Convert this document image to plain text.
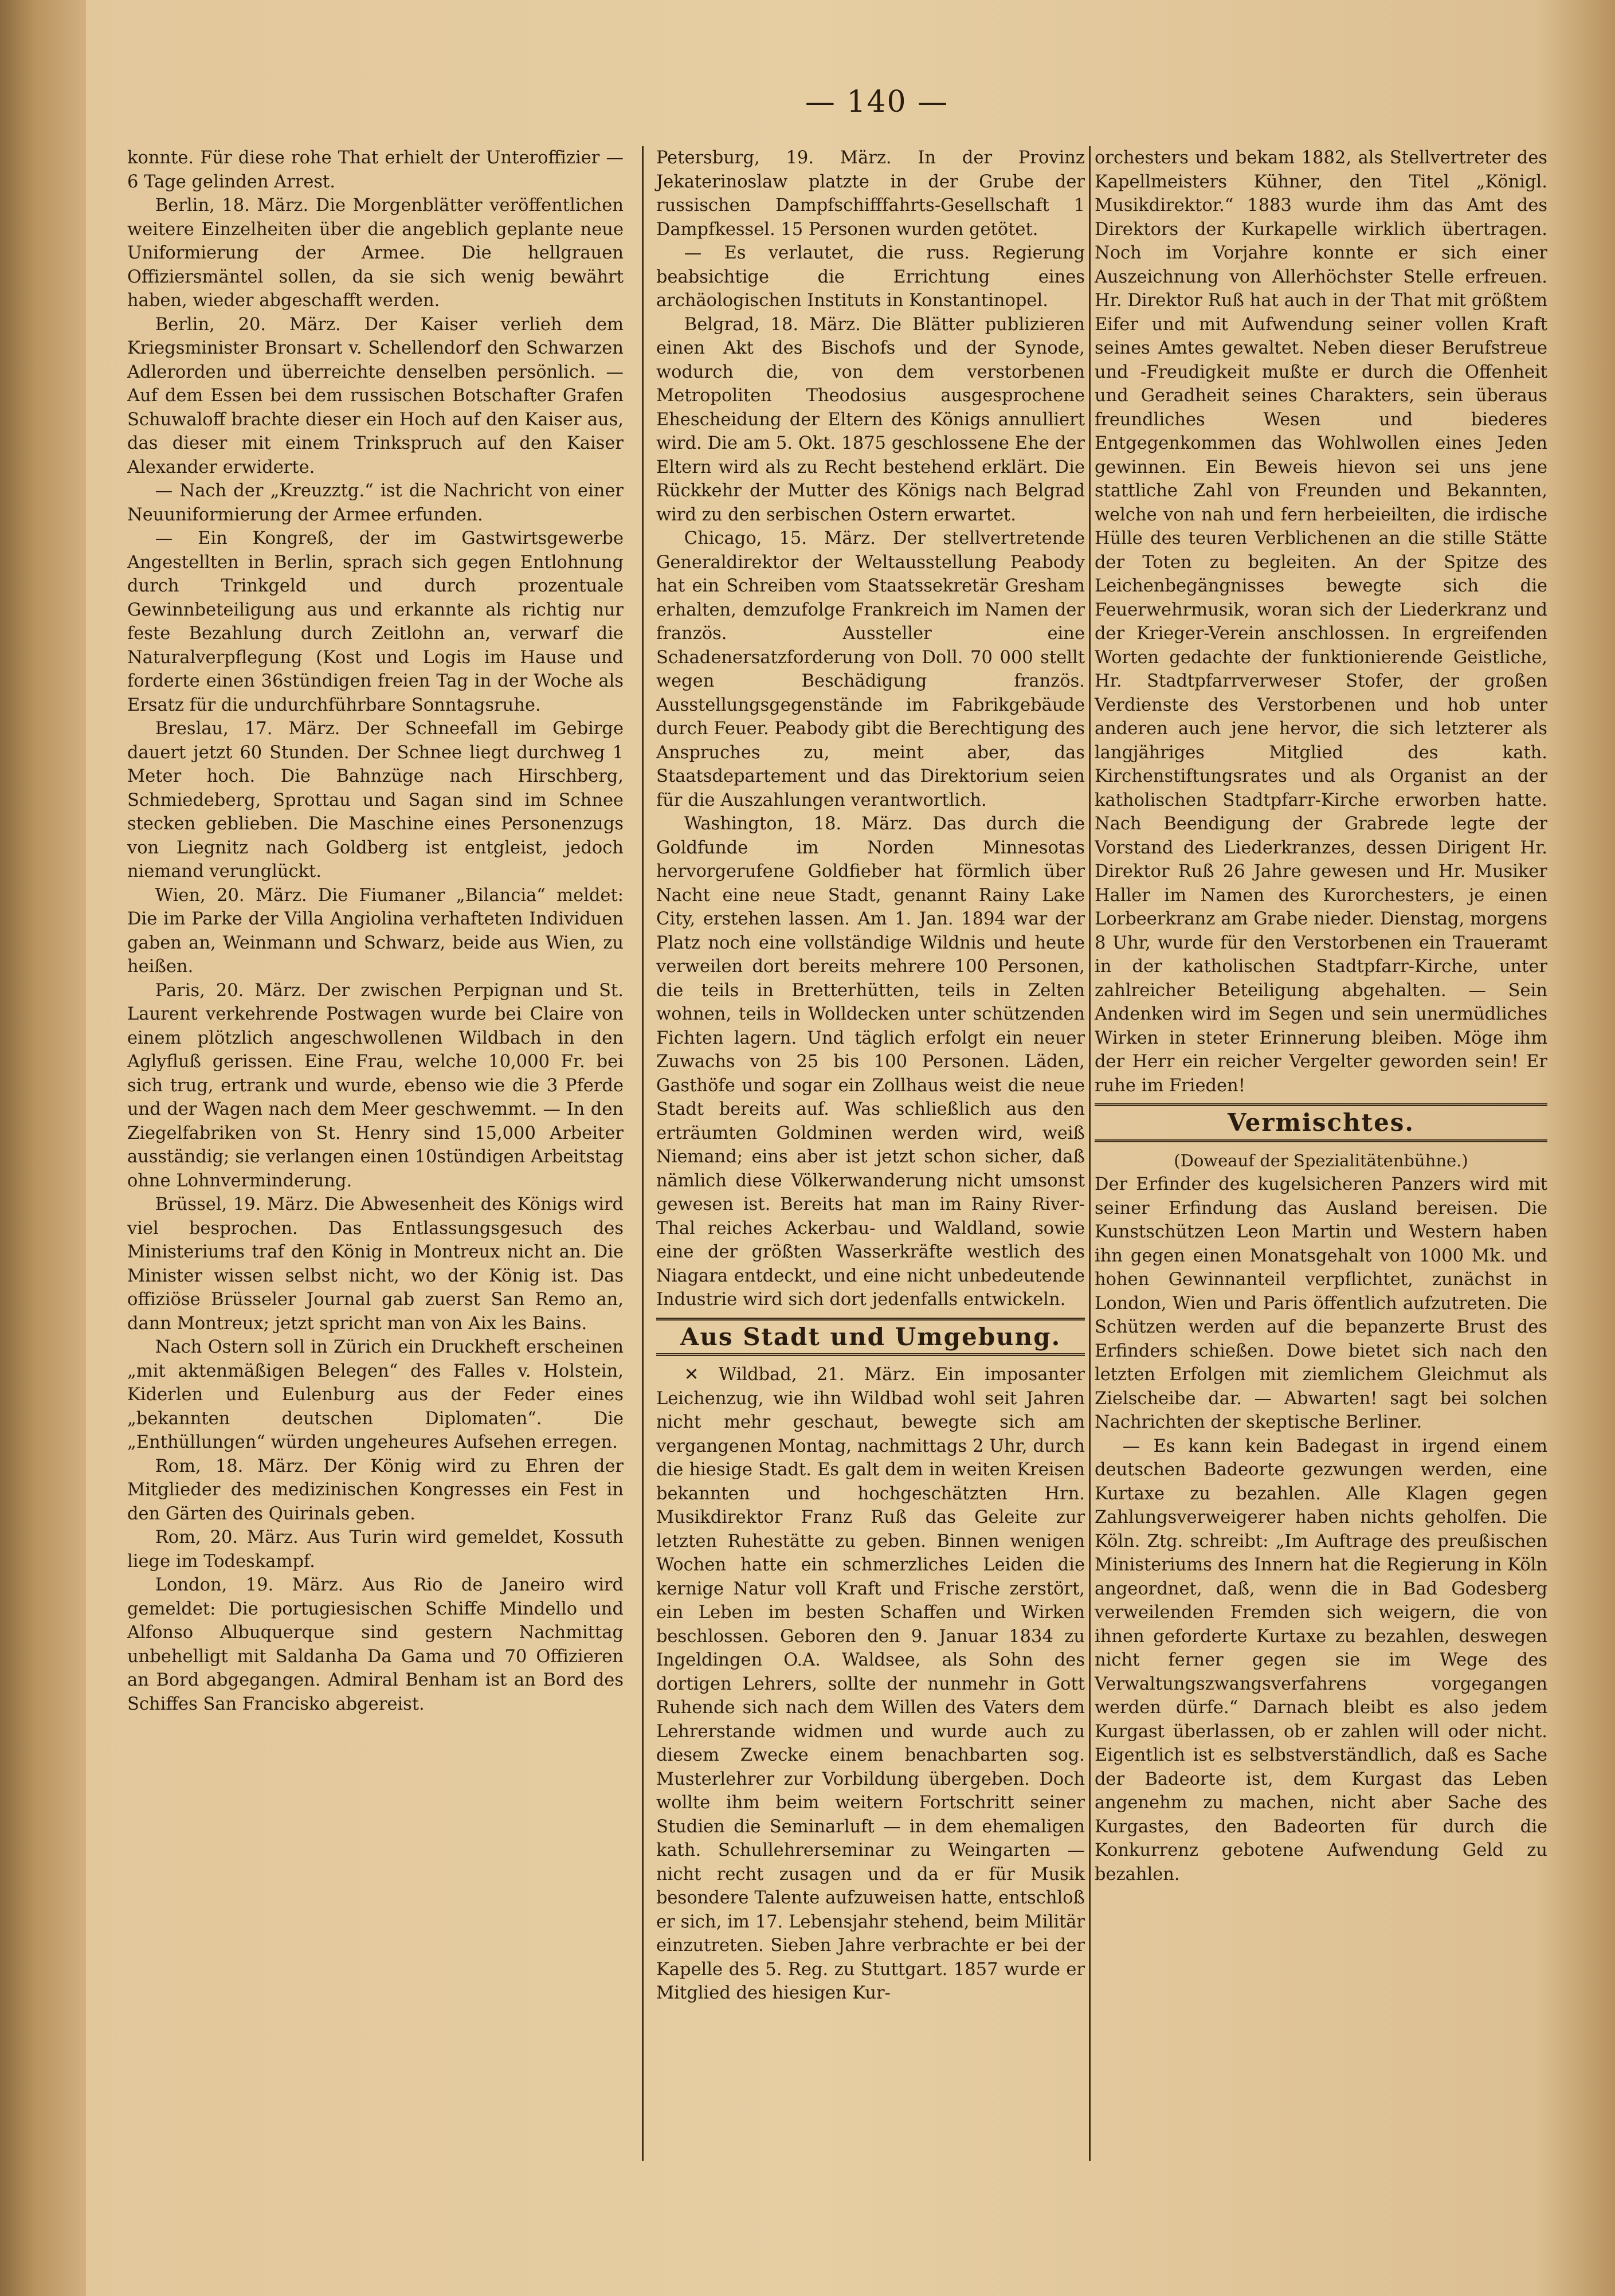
— 140 —

konnte. Für diese rohe That erhielt der Unteroffizier — 6 Tage gelinden Arrest.

Berlin, 18. März. Die Morgenblätter veröffentlichen weitere Einzelheiten über die angeblich geplante neue Uniformierung der Armee. Die hellgrauen Offiziersmäntel sollen, da sie sich wenig bewährt haben, wieder abgeschafft werden.

Berlin, 20. März. Der Kaiser verlieh dem Kriegsminister Bronsart v. Schellendorf den Schwarzen Adlerorden und überreichte denselben persönlich. — Auf dem Essen bei dem russischen Botschafter Grafen Schuwaloff brachte dieser ein Hoch auf den Kaiser aus, das dieser mit einem Trinkspruch auf den Kaiser Alexander erwiderte.

— Nach der „Kreuzztg.“ ist die Nachricht von einer Neuuniformierung der Armee erfunden.

— Ein Kongreß, der im Gastwirtsgewerbe Angestellten in Berlin, sprach sich gegen Entlohnung durch Trinkgeld und durch prozentuale Gewinnbeteiligung aus und erkannte als richtig nur feste Bezahlung durch Zeitlohn an, verwarf die Naturalverpflegung (Kost und Logis im Hause und forderte einen 36stündigen freien Tag in der Woche als Ersatz für die undurchführbare Sonntagsruhe.

Breslau, 17. März. Der Schneefall im Gebirge dauert jetzt 60 Stunden. Der Schnee liegt durchweg 1 Meter hoch. Die Bahnzüge nach Hirschberg, Schmiedeberg, Sprottau und Sagan sind im Schnee stecken geblieben. Die Maschine eines Personenzugs von Liegnitz nach Goldberg ist entgleist, jedoch niemand verunglückt.

Wien, 20. März. Die Fiumaner „Bilancia“ meldet: Die im Parke der Villa Angiolina verhafteten Individuen gaben an, Weinmann und Schwarz, beide aus Wien, zu heißen.

Paris, 20. März. Der zwischen Perpignan und St. Laurent verkehrende Postwagen wurde bei Claire von einem plötzlich angeschwollenen Wildbach in den Aglyfluß gerissen. Eine Frau, welche 10,000 Fr. bei sich trug, ertrank und wurde, ebenso wie die 3 Pferde und der Wagen nach dem Meer geschwemmt. — In den Ziegelfabriken von St. Henry sind 15,000 Arbeiter ausständig; sie verlangen einen 10stündigen Arbeitstag ohne Lohnverminderung.

Brüssel, 19. März. Die Abwesenheit des Königs wird viel besprochen. Das Entlassungsgesuch des Ministeriums traf den König in Montreux nicht an. Die Minister wissen selbst nicht, wo der König ist. Das offiziöse Brüsseler Journal gab zuerst San Remo an, dann Montreux; jetzt spricht man von Aix les Bains.

Nach Ostern soll in Zürich ein Druckheft erscheinen „mit aktenmäßigen Belegen“ des Falles v. Holstein, Kiderlen und Eulenburg aus der Feder eines „bekannten deutschen Diplomaten“. Die „Enthüllungen“ würden ungeheures Aufsehen erregen.

Rom, 18. März. Der König wird zu Ehren der Mitglieder des medizinischen Kongresses ein Fest in den Gärten des Quirinals geben.

Rom, 20. März. Aus Turin wird gemeldet, Kossuth liege im Todeskampf.

London, 19. März. Aus Rio de Janeiro wird gemeldet: Die portugiesischen Schiffe Mindello und Alfonso Albuquerque sind gestern Nachmittag unbehelligt mit Saldanha Da Gama und 70 Offizieren an Bord abgegangen. Admiral Benham ist an Bord des Schiffes San Francisko abgereist.

Petersburg, 19. März. In der Provinz Jekaterinoslaw platzte in der Grube der russischen Dampfschifffahrts-Gesellschaft 1 Dampfkessel. 15 Personen wurden getötet.

— Es verlautet, die russ. Regierung beabsichtige die Errichtung eines archäologischen Instituts in Konstantinopel.

Belgrad, 18. März. Die Blätter publizieren einen Akt des Bischofs und der Synode, wodurch die, von dem verstorbenen Metropoliten Theodosius ausgesprochene Ehescheidung der Eltern des Königs annulliert wird. Die am 5. Okt. 1875 geschlossene Ehe der Eltern wird als zu Recht bestehend erklärt. Die Rückkehr der Mutter des Königs nach Belgrad wird zu den serbischen Ostern erwartet.

Chicago, 15. März. Der stellvertretende Generaldirektor der Weltausstellung Peabody hat ein Schreiben vom Staatssekretär Gresham erhalten, demzufolge Frankreich im Namen der französ. Aussteller eine Schadenersatzforderung von Doll. 70 000 stellt wegen Beschädigung französ. Ausstellungsgegenstände im Fabrikgebäude durch Feuer. Peabody gibt die Berechtigung des Anspruches zu, meint aber, das Staatsdepartement und das Direktorium seien für die Auszahlungen verantwortlich.

Washington, 18. März. Das durch die Goldfunde im Norden Minnesotas hervorgerufene Goldfieber hat förmlich über Nacht eine neue Stadt, genannt Rainy Lake City, erstehen lassen. Am 1. Jan. 1894 war der Platz noch eine vollständige Wildnis und heute verweilen dort bereits mehrere 100 Personen, die teils in Bretterhütten, teils in Zelten wohnen, teils in Wolldecken unter schützenden Fichten lagern. Und täglich erfolgt ein neuer Zuwachs von 25 bis 100 Personen. Läden, Gasthöfe und sogar ein Zollhaus weist die neue Stadt bereits auf. Was schließlich aus den erträumten Goldminen werden wird, weiß Niemand; eins aber ist jetzt schon sicher, daß nämlich diese Völkerwanderung nicht umsonst gewesen ist. Bereits hat man im Rainy River-Thal reiches Ackerbau- und Waldland, sowie eine der größten Wasserkräfte westlich des Niagara entdeckt, und eine nicht unbedeutende Industrie wird sich dort jedenfalls entwickeln.

Aus Stadt und Umgebung.

✕ Wildbad, 21. März. Ein imposanter Leichenzug, wie ihn Wildbad wohl seit Jahren nicht mehr geschaut, bewegte sich am vergangenen Montag, nachmittags 2 Uhr, durch die hiesige Stadt. Es galt dem in weiten Kreisen bekannten und hochgeschätzten Hrn. Musikdirektor Franz Ruß das Geleite zur letzten Ruhestätte zu geben. Binnen wenigen Wochen hatte ein schmerzliches Leiden die kernige Natur voll Kraft und Frische zerstört, ein Leben im besten Schaffen und Wirken beschlossen. Geboren den 9. Januar 1834 zu Ingeldingen O.A. Waldsee, als Sohn des dortigen Lehrers, sollte der nunmehr in Gott Ruhende sich nach dem Willen des Vaters dem Lehrerstande widmen und wurde auch zu diesem Zwecke einem benachbarten sog. Musterlehrer zur Vorbildung übergeben. Doch wollte ihm beim weitern Fortschritt seiner Studien die Seminarluft — in dem ehemaligen kath. Schullehrerseminar zu Weingarten — nicht recht zusagen und da er für Musik besondere Talente aufzuweisen hatte, entschloß er sich, im 17. Lebensjahr stehend, beim Militär einzutreten. Sieben Jahre verbrachte er bei der Kapelle des 5. Reg. zu Stuttgart. 1857 wurde er Mitglied des hiesigen Kur-

orchesters und bekam 1882, als Stellvertreter des Kapellmeisters Kühner, den Titel „Königl. Musikdirektor.“ 1883 wurde ihm das Amt des Direktors der Kurkapelle wirklich übertragen. Noch im Vorjahre konnte er sich einer Auszeichnung von Allerhöchster Stelle erfreuen. Hr. Direktor Ruß hat auch in der That mit größtem Eifer und mit Aufwendung seiner vollen Kraft seines Amtes gewaltet. Neben dieser Berufstreue und -Freudigkeit mußte er durch die Offenheit und Geradheit seines Charakters, sein überaus freundliches Wesen und biederes Entgegenkommen das Wohlwollen eines Jeden gewinnen. Ein Beweis hievon sei uns jene stattliche Zahl von Freunden und Bekannten, welche von nah und fern herbeieilten, die irdische Hülle des teuren Verblichenen an die stille Stätte der Toten zu begleiten. An der Spitze des Leichenbegängnisses bewegte sich die Feuerwehrmusik, woran sich der Liederkranz und der Krieger-Verein anschlossen. In ergreifenden Worten gedachte der funktionierende Geistliche, Hr. Stadtpfarrverweser Stofer, der großen Verdienste des Verstorbenen und hob unter anderen auch jene hervor, die sich letzterer als langjähriges Mitglied des kath. Kirchenstiftungsrates und als Organist an der katholischen Stadtpfarr-Kirche erworben hatte. Nach Beendigung der Grabrede legte der Vorstand des Liederkranzes, dessen Dirigent Hr. Direktor Ruß 26 Jahre gewesen und Hr. Musiker Haller im Namen des Kurorchesters, je einen Lorbeerkranz am Grabe nieder. Dienstag, morgens 8 Uhr, wurde für den Verstorbenen ein Traueramt in der katholischen Stadtpfarr-Kirche, unter zahlreicher Beteiligung abgehalten. — Sein Andenken wird im Segen und sein unermüdliches Wirken in steter Erinnerung bleiben. Möge ihm der Herr ein reicher Vergelter geworden sein! Er ruhe im Frieden!

Vermischtes.
(Doweauf der Spezialitätenbühne.)

Der Erfinder des kugelsicheren Panzers wird mit seiner Erfindung das Ausland bereisen. Die Kunstschützen Leon Martin und Western haben ihn gegen einen Monatsgehalt von 1000 Mk. und hohen Gewinnanteil verpflichtet, zunächst in London, Wien und Paris öffentlich aufzutreten. Die Schützen werden auf die bepanzerte Brust des Erfinders schießen. Dowe bietet sich nach den letzten Erfolgen mit ziemlichem Gleichmut als Zielscheibe dar. — Abwarten! sagt bei solchen Nachrichten der skeptische Berliner.

— Es kann kein Badegast in irgend einem deutschen Badeorte gezwungen werden, eine Kurtaxe zu bezahlen. Alle Klagen gegen Zahlungsverweigerer haben nichts geholfen. Die Köln. Ztg. schreibt: „Im Auftrage des preußischen Ministeriums des Innern hat die Regierung in Köln angeordnet, daß, wenn die in Bad Godesberg verweilenden Fremden sich weigern, die von ihnen geforderte Kurtaxe zu bezahlen, deswegen nicht ferner gegen sie im Wege des Verwaltungszwangsverfahrens vorgegangen werden dürfe.“ Darnach bleibt es also jedem Kurgast überlassen, ob er zahlen will oder nicht. Eigentlich ist es selbstverständlich, daß es Sache der Badeorte ist, dem Kurgast das Leben angenehm zu machen, nicht aber Sache des Kurgastes, den Badeorten für durch die Konkurrenz gebotene Aufwendung Geld zu bezahlen.
